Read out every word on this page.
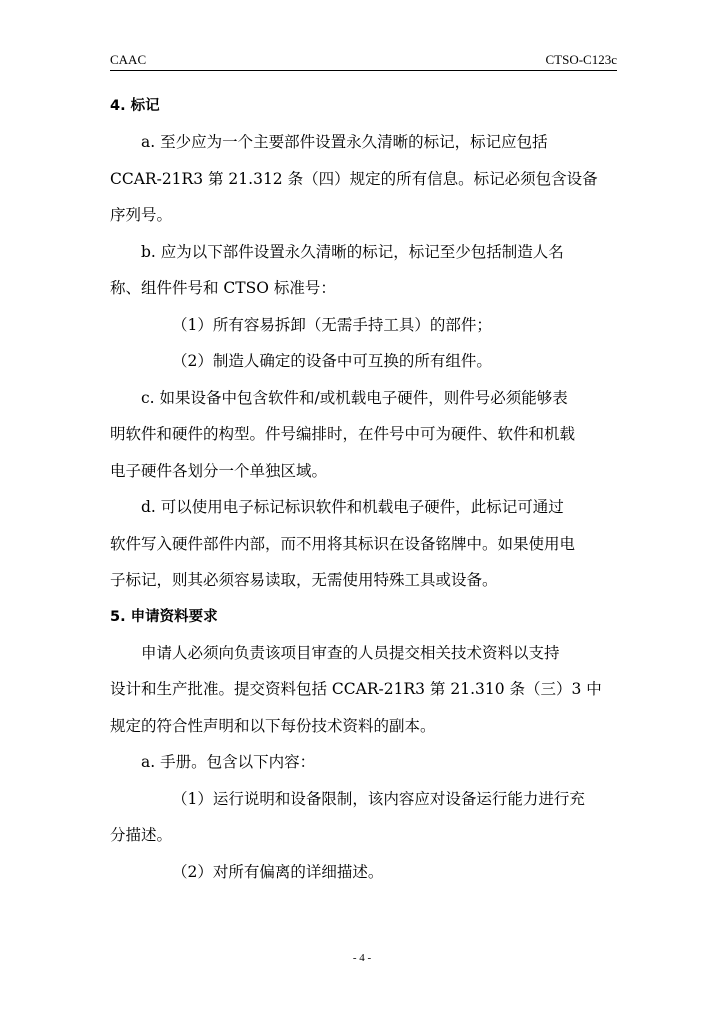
CAAC	CTSO-C123c
4. 标记
a. 至少应为一个主要部件设置永久清晰的标记，标记应包括
CCAR-21R3 第 21.312 条（四）规定的所有信息。标记必须包含设备
序列号。
b. 应为以下部件设置永久清晰的标记，标记至少包括制造人名
称、组件件号和 CTSO 标准号：
（1）所有容易拆卸（无需手持工具）的部件；
（2）制造人确定的设备中可互换的所有组件。
c. 如果设备中包含软件和/或机载电子硬件，则件号必须能够表
明软件和硬件的构型。件号编排时，在件号中可为硬件、软件和机载
电子硬件各划分一个单独区域。
d. 可以使用电子标记标识软件和机载电子硬件，此标记可通过
软件写入硬件部件内部，而不用将其标识在设备铭牌中。如果使用电
子标记，则其必须容易读取，无需使用特殊工具或设备。
5. 申请资料要求
申请人必须向负责该项目审查的人员提交相关技术资料以支持
设计和生产批准。提交资料包括 CCAR-21R3 第 21.310 条（三）3 中
规定的符合性声明和以下每份技术资料的副本。
a. 手册。包含以下内容：
（1）运行说明和设备限制，该内容应对设备运行能力进行充
分描述。
（2）对所有偏离的详细描述。
- 4 -
